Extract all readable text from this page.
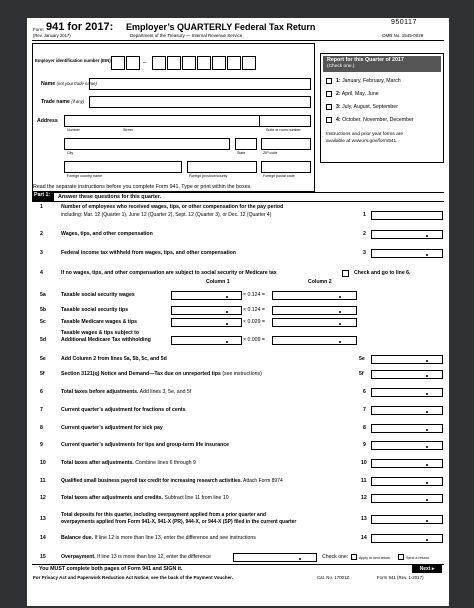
Form 941 for 2017: Employer’s QUARTERLY Federal Tax Return
(Rev. January 2017)	Department of the Treasury — Internal Revenue Service
950117
OMB No. 1545-0029
Employer identification number (EIN)	–
Name (not your trade name)
Trade name (if any)
Address
Number	Street	Suite or room number
City	State	ZIP code
Foreign country name	Foreign province/county	Foreign postal code
Report for this Quarter of 2017
(Check one.)
1: January, February, March
2: April, May, June
3: July, August, September
4: October, November, December
Instructions and prior year forms are
available at www.irs.gov/form941.
Read the separate instructions before you complete Form 941. Type or print within the boxes.
Part 1:	Answer these questions for this quarter.
1	Number of employees who received wages, tips, or other compensation for the pay period
including: Mar. 12 (Quarter 1), June 12 (Quarter 2), Sept. 12 (Quarter 3), or Dec. 12 (Quarter 4)	1
2	Wages, tips, and other compensation	2
3	Federal income tax withheld from wages, tips, and other compensation	3
4	If no wages, tips, and other compensation are subject to social security or Medicare tax	Check and go to line 6.
Column 1	Column 2
5a	Taxable social security wages	× 0.124 =
5b	Taxable social security tips	× 0.124 =
5c	Taxable Medicare wages & tips	× 0.029 =
5d
Taxable wages & tips subject to
Additional Medicare Tax withholding	× 0.009 =
5e	Add Column 2 from lines 5a, 5b, 5c, and 5d	5e
5f	Section 3121(q) Notice and Demand—Tax due on unreported tips (see instructions)	5f
6	Total taxes before adjustments. Add lines 3, 5e, and 5f	6
7	Current quarter’s adjustment for fractions of cents	7
8	Current quarter’s adjustment for sick pay	8
9	Current quarter’s adjustments for tips and group-term life insurance	9
10	Total taxes after adjustments. Combine lines 6 through 9	10
11	Qualified small business payroll tax credit for increasing research activities. Attach Form 8974	11
12	Total taxes after adjustments and credits. Subtract line 11 from line 10	12
13
Total deposits for this quarter, including overpayment applied from a prior quarter and
overpayments applied from Form 941-X, 941-X (PR), 944-X, or 944-X (SP) filed in the current quarter	13
14	Balance due. If line 12 is more than line 13, enter the difference and see instructions	14
15	Overpayment. If line 13 is more than line 12, enter the difference	Check one:	Apply to next return.	Send a refund.
You MUST complete both pages of Form 941 and SIGN it.	Next ▸
For Privacy Act and Paperwork Reduction Act Notice, see the back of the Payment Voucher.	Cat. No. 17001Z	Form 941 (Rev. 1-2017)
